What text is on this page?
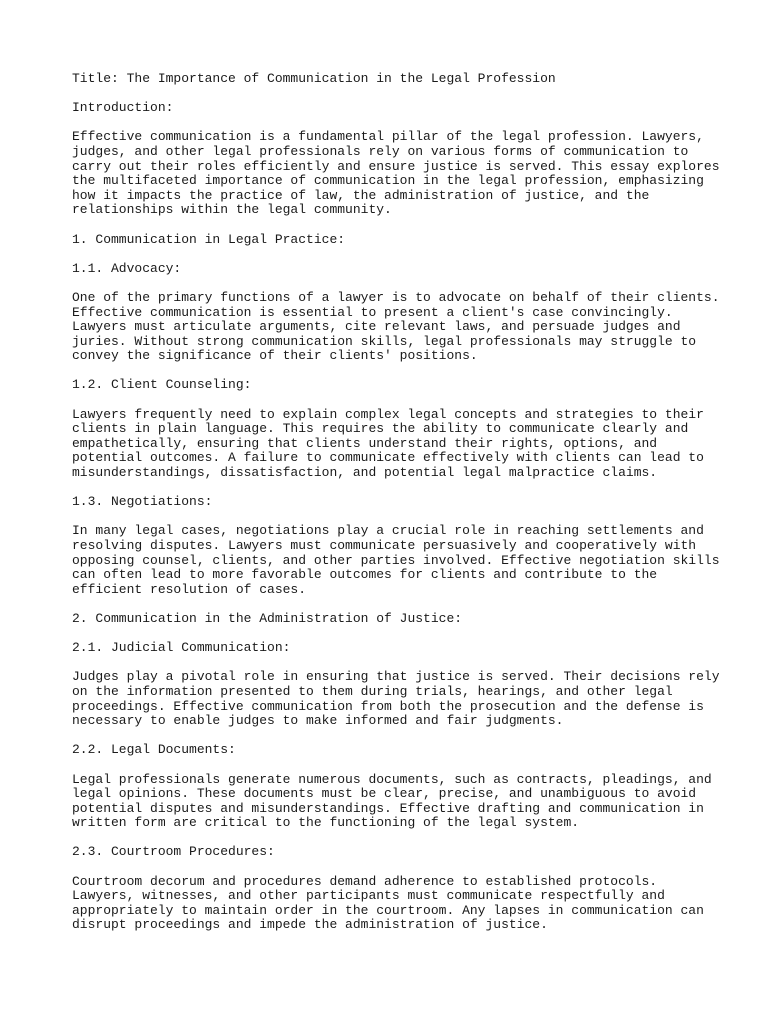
Title: The Importance of Communication in the Legal Profession
Introduction:
Effective communication is a fundamental pillar of the legal profession. Lawyers,
judges, and other legal professionals rely on various forms of communication to
carry out their roles efficiently and ensure justice is served. This essay explores
the multifaceted importance of communication in the legal profession, emphasizing
how it impacts the practice of law, the administration of justice, and the
relationships within the legal community.
1. Communication in Legal Practice:
1.1. Advocacy:
One of the primary functions of a lawyer is to advocate on behalf of their clients.
Effective communication is essential to present a client's case convincingly.
Lawyers must articulate arguments, cite relevant laws, and persuade judges and
juries. Without strong communication skills, legal professionals may struggle to
convey the significance of their clients' positions.
1.2. Client Counseling:
Lawyers frequently need to explain complex legal concepts and strategies to their
clients in plain language. This requires the ability to communicate clearly and
empathetically, ensuring that clients understand their rights, options, and
potential outcomes. A failure to communicate effectively with clients can lead to
misunderstandings, dissatisfaction, and potential legal malpractice claims.
1.3. Negotiations:
In many legal cases, negotiations play a crucial role in reaching settlements and
resolving disputes. Lawyers must communicate persuasively and cooperatively with
opposing counsel, clients, and other parties involved. Effective negotiation skills
can often lead to more favorable outcomes for clients and contribute to the
efficient resolution of cases.
2. Communication in the Administration of Justice:
2.1. Judicial Communication:
Judges play a pivotal role in ensuring that justice is served. Their decisions rely
on the information presented to them during trials, hearings, and other legal
proceedings. Effective communication from both the prosecution and the defense is
necessary to enable judges to make informed and fair judgments.
2.2. Legal Documents:
Legal professionals generate numerous documents, such as contracts, pleadings, and
legal opinions. These documents must be clear, precise, and unambiguous to avoid
potential disputes and misunderstandings. Effective drafting and communication in
written form are critical to the functioning of the legal system.
2.3. Courtroom Procedures:
Courtroom decorum and procedures demand adherence to established protocols.
Lawyers, witnesses, and other participants must communicate respectfully and
appropriately to maintain order in the courtroom. Any lapses in communication can
disrupt proceedings and impede the administration of justice.
